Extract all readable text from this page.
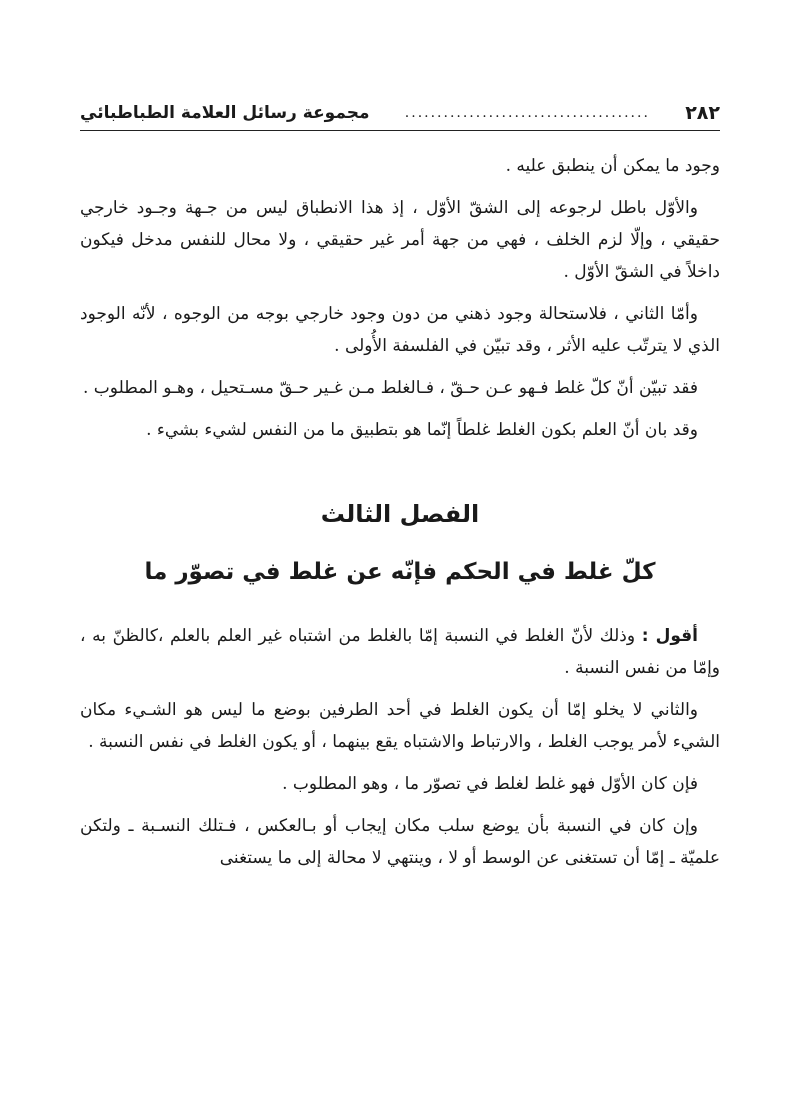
٢٨٢
......................................
مجموعة رسائل العلامة الطباطبائي

وجود ما يمكن أن ينطبق عليه .

والأوّل باطل لرجوعه إلى الشقّ الأوّل ، إذ هذا الانطباق ليس من جـهة وجـود خارجي حقيقي ، وإلّا لزم الخلف ، فهي من جهة أمر غير حقيقي ، ولا محال للنفس مدخل فيكون داخلاً في الشقّ الأوّل .

وأمّا الثاني ، فلاستحالة وجود ذهني من دون وجود خارجي بوجه من الوجوه ، لأنّه الوجود الذي لا يترتّب عليه الأثر ، وقد تبيّن في الفلسفة الأُولى .

فقد تبيّن أنّ كلّ غلط فـهو عـن حـقّ ، فـالغلط مـن غـير حـقّ مسـتحيل ، وهـو المطلوب .

وقد بان أنّ العلم بكون الغلط غلطاً إنّما هو بتطبيق ما من النفس لشيء بشيء .

الفصل الثالث
كلّ غلط في الحكم فإنّه عن غلط في تصوّر ما

أقول : وذلك لأنّ الغلط في النسبة إمّا بالغلط من اشتباه غير العلم بالعلم ،كالظنّ به ، وإمّا من نفس النسبة .

والثاني لا يخلو إمّا أن يكون الغلط في أحد الطرفين بوضع ما ليس هو الشـيء مكان الشيء لأمر يوجب الغلط ، والارتباط والاشتباه يقع بينهما ، أو يكون الغلط في نفس النسبة .

فإن كان الأوّل فهو غلط لغلط في تصوّر ما ، وهو المطلوب .

وإن كان في النسبة بأن يوضع سلب مكان إيجاب أو بـالعكس ، فـتلك النسـبة ـ ولتكن علميّة ـ إمّا أن تستغنى عن الوسط أو لا ، وينتهي لا محالة إلى ما يستغنى
